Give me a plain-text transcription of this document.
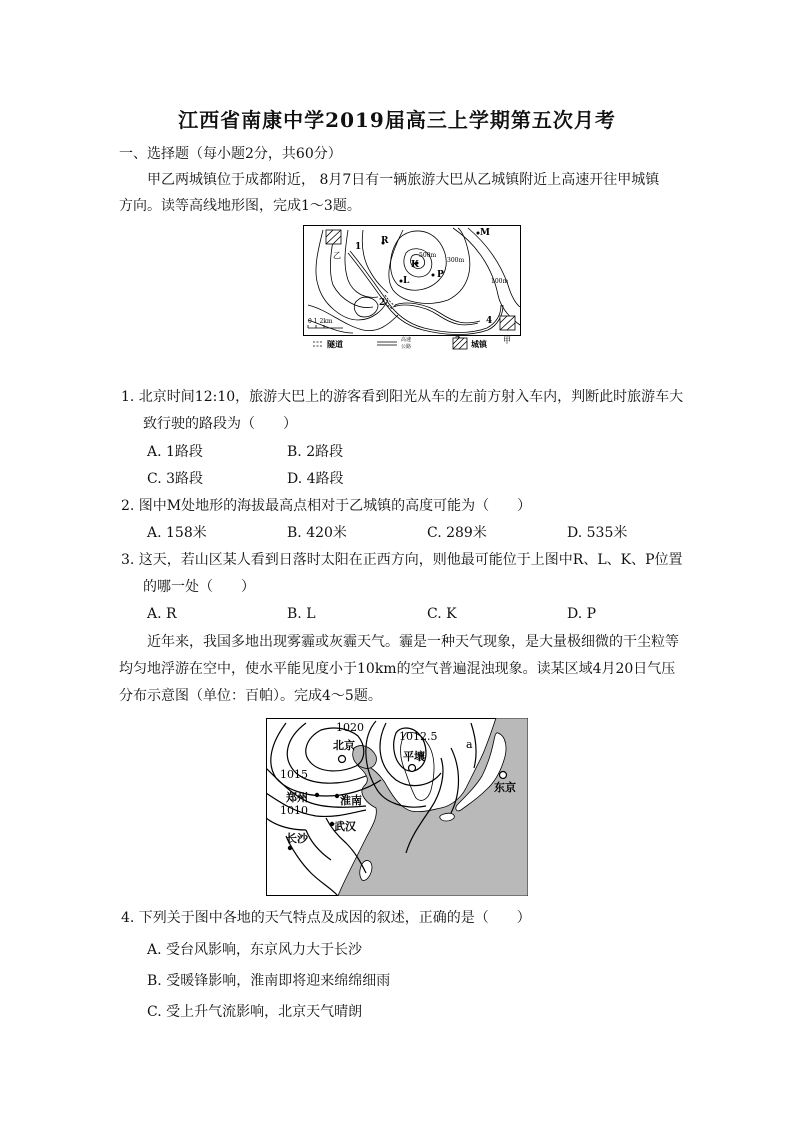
江西省南康中学2019届高三上学期第五次月考
一、选择题（每小题2分，共60分）
甲乙两城镇位于成都附近， 8月7日有一辆旅游大巴从乙城镇附近上高速开往甲城镇
方向。读等高线地形图，完成1～3题。
R
K
L
P
M
1
2
4
乙
甲
500m
300m
100m
0 1 2km
隧道	高速
公路	城镇
1. 北京时间12:10，旅游大巴上的游客看到阳光从车的左前方射入车内，判断此时旅游车大
致行驶的路段为（　　）
A. 1路段	B. 2路段
C. 3路段	D. 4路段
2. 图中M处地形的海拔最高点相对于乙城镇的高度可能为（　　）
A. 158米	B. 420米	C. 289米	D. 535米
3. 这天，若山区某人看到日落时太阳在正西方向，则他最可能位于上图中R、L、K、P位置
的哪一处（　　）
A. R	B. L	C. K	D. P
近年来，我国多地出现雾霾或灰霾天气。霾是一种天气现象，是大量极细微的干尘粒等
均匀地浮游在空中，使水平能见度小于10km的空气普遍混浊现象。读某区域4月20日气压
分布示意图（单位：百帕）。完成4～5题。
1020
1012.5
1015
1010
北京
平壤
郑州	淮南
武汉
长沙
东京
a
4. 下列关于图中各地的天气特点及成因的叙述，正确的是（　　）
A. 受台风影响，东京风力大于长沙
B. 受暖锋影响，淮南即将迎来绵绵细雨
C. 受上升气流影响，北京天气晴朗
